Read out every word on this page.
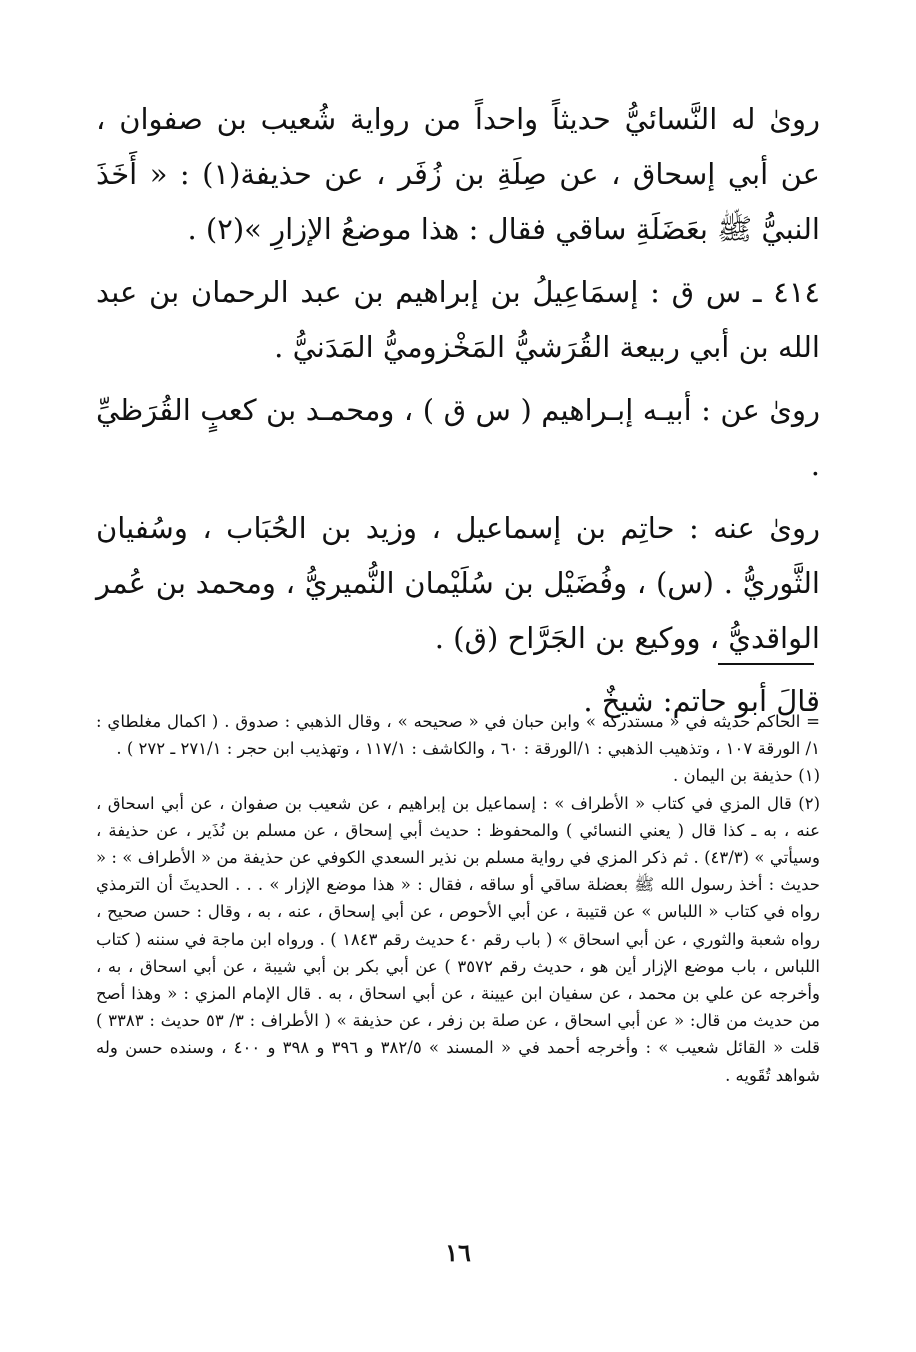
روىٰ له النَّسائيُّ حديثاً واحداً من رواية شُعيب بن صفوان ، عن أبي إسحاق ، عن صِلَةِ بن زُفَر ، عن حذيفة(١) : « أَخَذَ النبيُّ ﷺ بعَضَلَةِ ساقي فقال : هذا موضعُ الإزارِ »(٢) .

٤١٤ ـ س ق : إسمَاعِيلُ بن إبراهيم بن عبد الرحمان بن عبد الله بن أبي ربيعة القُرَشيُّ المَخْزوميُّ المَدَنيُّ .

روىٰ عن : أبيـه إبـراهيم ( س ق ) ، ومحمـد بن كعبٍ القُرَظيِّ .

روىٰ عنه : حاتِم بن إسماعيل ، وزيد بن الحُبَاب ، وسُفيان الثَّوريُّ . (س) ، وفُضَيْل بن سُلَيْمان النُّميريُّ ، ومحمد بن عُمر الواقديُّ ، ووكيع بن الجَرَّاح (ق) .

قالَ أبو حاتم: شيخٌ .

= الحاكم حديثه في « مستدركه » وابن حبان في « صحيحه » ، وقال الذهبي : صدوق . ( اكمال مغلطاي : ١/ الورقة ١٠٧ ، وتذهيب الذهبي : ١/الورقة : ٦٠ ، والكاشف : ١١٧/١ ، وتهذيب ابن حجر : ٢٧١/١ ـ ٢٧٢ ) .

(١) حذيفة بن اليمان .

(٢) قال المزي في كتاب « الأطراف » : إسماعيل بن إبراهيم ، عن شعيب بن صفوان ، عن أبي اسحاق ، عنه ، به ـ كذا قال ( يعني النسائي ) والمحفوظ : حديث أبي إسحاق ، عن مسلم بن نُذَير ، عن حذيفة ، وسيأتي » (٤٣/٣) . ثم ذكر المزي في رواية مسلم بن نذير السعدي الكوفي عن حذيفة من « الأطراف » : « حديث : أخذ رسول الله ﷺ بعضلة ساقي أو ساقه ، فقال : « هذا موضع الإزار » . . . الحديثَ أن الترمذي رواه في كتاب « اللباس » عن قتيبة ، عن أبي الأحوص ، عن أبي إسحاق ، عنه ، به ، وقال : حسن صحيح ، رواه شعبة والثوري ، عن أبي اسحاق » ( باب رقم ٤٠ حديث رقم ١٨٤٣ ) . ورواه ابن ماجة في سننه ( كتاب اللباس ، باب موضع الإزار أين هو ، حديث رقم ٣٥٧٢ ) عن أبي بكر بن أبي شيبة ، عن أبي اسحاق ، به ، وأخرجه عن علي بن محمد ، عن سفيان ابن عيينة ، عن أبي اسحاق ، به . قال الإمام المزي : « وهذا أصح من حديث من قال: « عن أبي اسحاق ، عن صلة بن زفر ، عن حذيفة » ( الأطراف : ٣/ ٥٣ حديث : ٣٣٨٣ ) قلت « القائل شعيب » : وأخرجه أحمد في « المسند » ٣٨٢/٥ و ٣٩٦ و ٣٩٨ و ٤٠٠ ، وسنده حسن وله شواهد تُقَويه .

١٦
